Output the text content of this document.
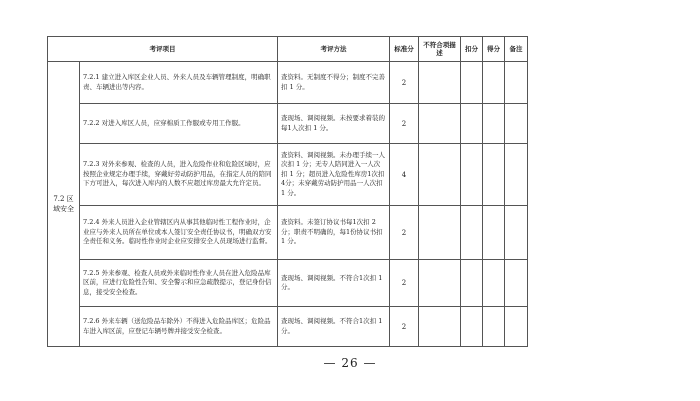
考评项目		考评方法	标准分	不符合项描述	扣分	得分	备注
7.2 区域安全	7.2.1 建立进入库区企业人员、外来人员及车辆管理制度，明确职责、车辆进出等内容。	查资料。无制度不得分；制度不完善扣 1 分。	2				
	7.2.2 对进入库区人员，应穿棉质工作服或专用工作服。	查现场、调阅视频。未按要求着装的每1人次扣 1 分。	2				
	7.2.3 对外来参观、检查的人员，进入危险作业和危险区域时，应按照企业规定办理手续，穿戴好劳动防护用品，在指定人员的陪同下方可进入，每次进入库内的人数不应超过库房最大允许定员。	查资料、调阅视频。未办理手续一人次扣 1 分；无专人陪同进入一人次扣 1 分；超员进入危险性库房1次扣 4分；未穿戴劳动防护用品一人次扣 1 分。	4				
	7.2.4 外来人员进入企业管辖区内从事其他临时性工程作业时，企业应与外来人员所在单位或本人签订安全责任协议书，明确双方安全责任和义务。临时性作业时企业应安排安全人员现场进行监督。	查资料。未签订协议书每1次扣 2 分；职责不明确的，每1份协议书扣 1 分。	2				
	7.2.5 外来参观、检查人员或外来临时性作业人员在进入危险品库区前，应进行危险性告知、安全警示和应急疏散提示，登记身份信息，接受安全检查。	查现场、调阅视频。不符合1次扣 1 分。	2				
	7.2.6 外来车辆（送危险品车除外）不得进入危险品库区；危险品车进入库区前，应登记车辆号牌并接受安全检查。	查现场、调阅视频。不符合1次扣 1 分。	2				
— 26 —
